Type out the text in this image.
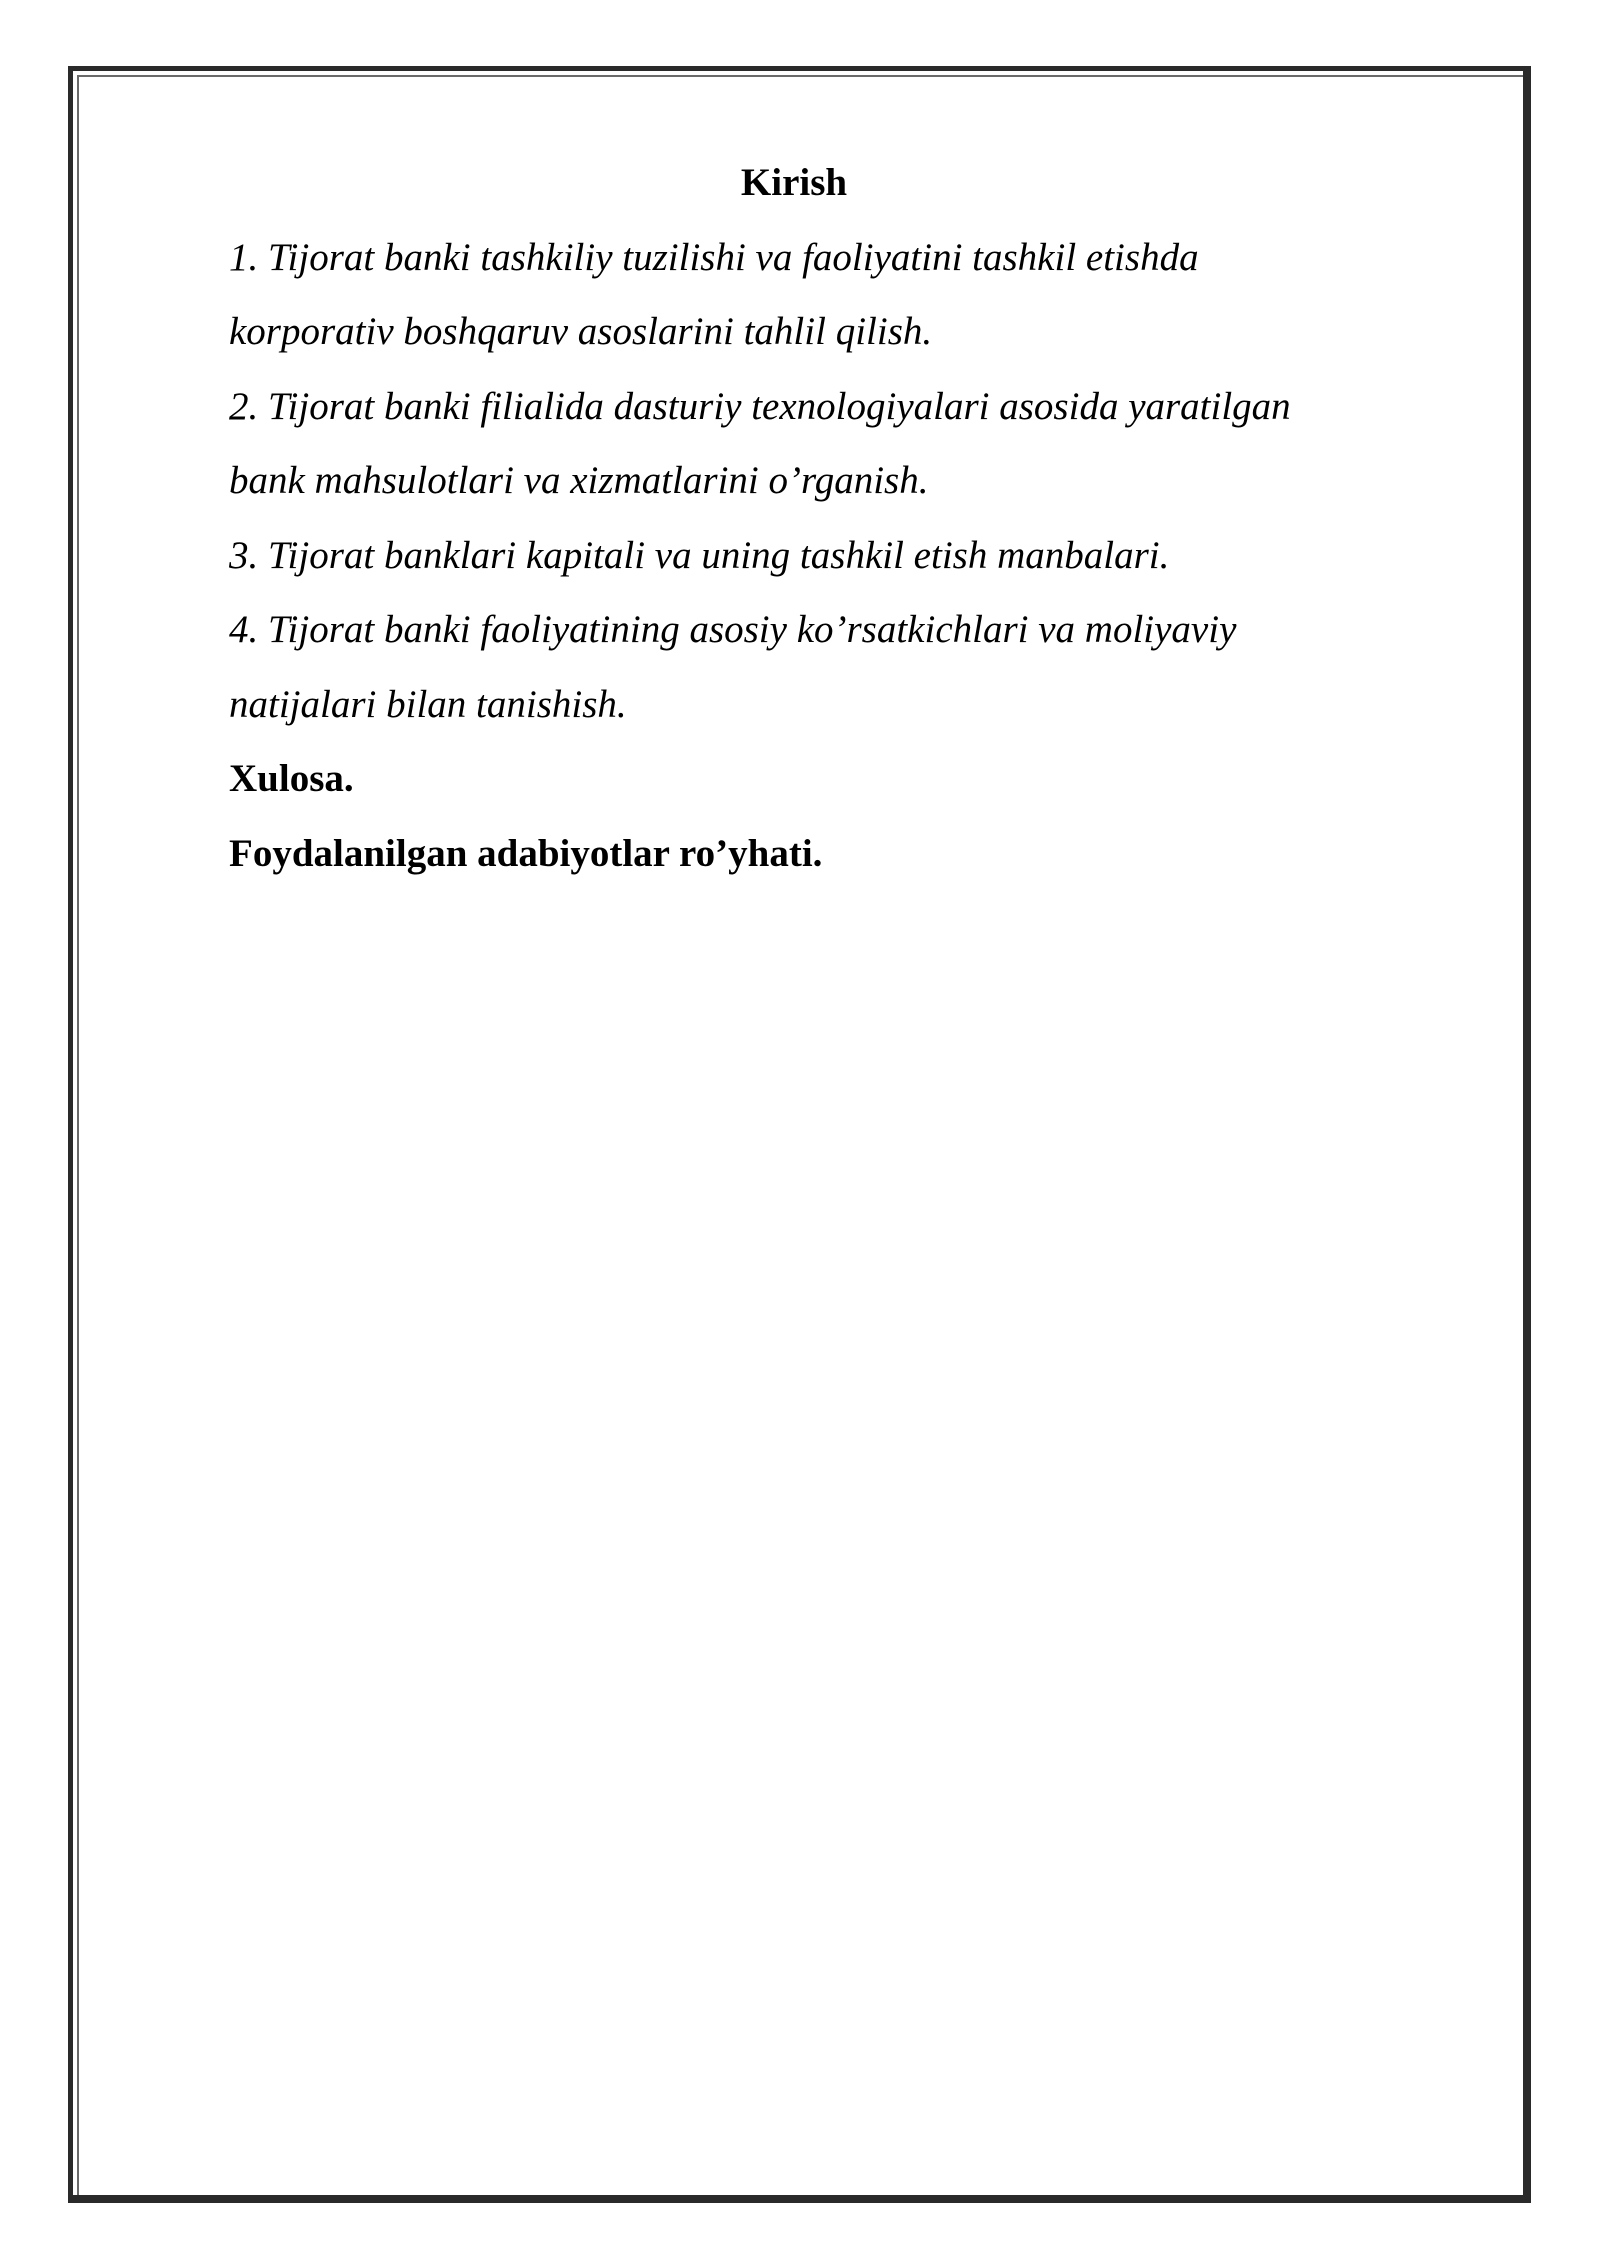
Kirish

1. Tijorat banki tashkiliy tuzilishi va faoliyatini tashkil etishda

korporativ boshqaruv asoslarini tahlil qilish.

2. Tijorat banki filialida dasturiy texnologiyalari asosida yaratilgan

bank mahsulotlari va xizmatlarini o’rganish.

3. Tijorat banklari kapitali va uning tashkil etish manbalari.

4. Tijorat banki faoliyatining asosiy ko’rsatkichlari va moliyaviy

natijalari bilan tanishish.

Xulosa.

Foydalanilgan adabiyotlar ro’yhati.
